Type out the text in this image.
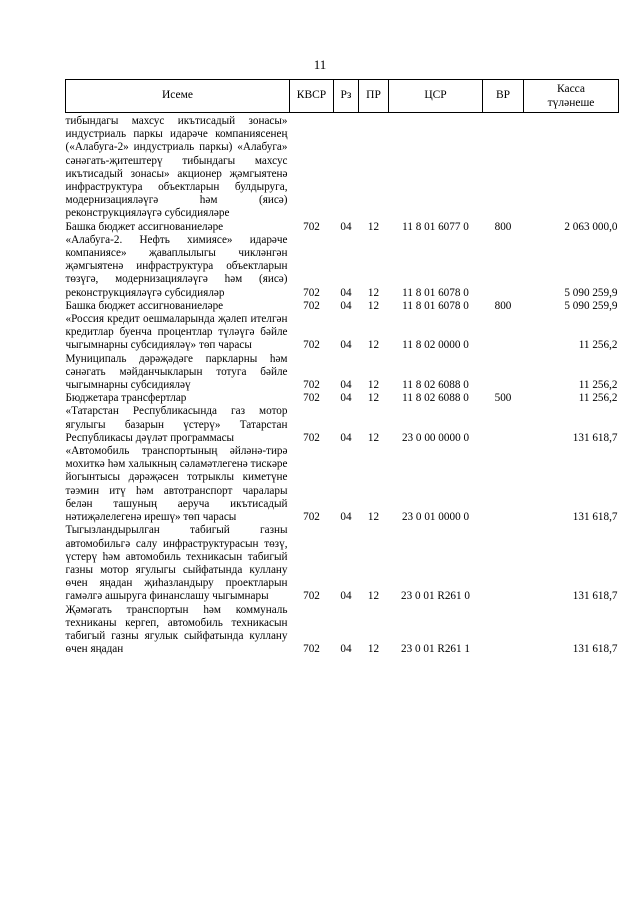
11
Исеме	КВСР	Рз	ПР	ЦСР	ВР	Касса
түләнеше

тибындагы махсус икътисадый зонасы» индустриаль паркы идарәче компаниясенең («Алабуга-2» индустриаль паркы) «Алабуга» сәнәгать-җитештерү тибындагы махсус икътисадый зонасы» акционер җәмгыятенә инфраструктура объектларын булдыруга, модернизацияләүгә һәм (яисә) реконструкцияләүгә субсидияләре						
Башка бюджет ассигнованиеләре	702	04	12	11 8 01 6077 0	800	2 063 000,0
«Алабуга-2. Нефть химиясе» идарәче компаниясе» җаваплылыгы чикләнгән җәмгыятенә инфраструктура объектларын төзүгә, модернизацияләүгә һәм (яисә) реконструкцияләүгә субсидияләр	702	04	12	11 8 01 6078 0		5 090 259,9
Башка бюджет ассигнованиеләре	702	04	12	11 8 01 6078 0	800	5 090 259,9
«Россия кредит оешмаларында җәлеп ителгән кредитлар буенча процентлар түләүгә бәйле чыгымнарны субсидияләү» төп чарасы	702	04	12	11 8 02 0000 0		11 256,2
Муниципаль дәрәҗәдәге паркларны һәм сәнәгать мәйданчыкларын тотуга бәйле чыгымнарны субсидияләү	702	04	12	11 8 02 6088 0		11 256,2
Бюджетара трансфертлар	702	04	12	11 8 02 6088 0	500	11 256,2
«Татарстан Республикасында газ мотор ягулыгы базарын үстерү» Татарстан Республикасы дәүләт программасы	702	04	12	23 0 00 0000 0		131 618,7
«Автомобиль транспортының әйләнә-тирә мохиткә һәм халыкның сәламәтлегенә тискәре йогынтысы дәрәҗәсен тотрыклы киметүне тәэмин итү һәм автотранспорт чаралары белән ташуның аеруча икътисадый нәтиҗәлелегенә ирешү» төп чарасы	702	04	12	23 0 01 0000 0		131 618,7
Тыгызландырылган табигый газны автомобильгә салу инфраструктурасын төзү, үстерү һәм автомобиль техникасын табигый газны мотор ягулыгы сыйфатында куллану өчен яңадан җиһазландыру проектларын гамәлгә ашыруга финанслашу чыгымнары	702	04	12	23 0 01 R261 0		131 618,7
Җәмәгать транспортын һәм коммуналь техниканы кергеп, автомобиль техникасын табигый газны ягулык сыйфатында куллану өчен яңадан	702	04	12	23 0 01 R261 1		131 618,7
